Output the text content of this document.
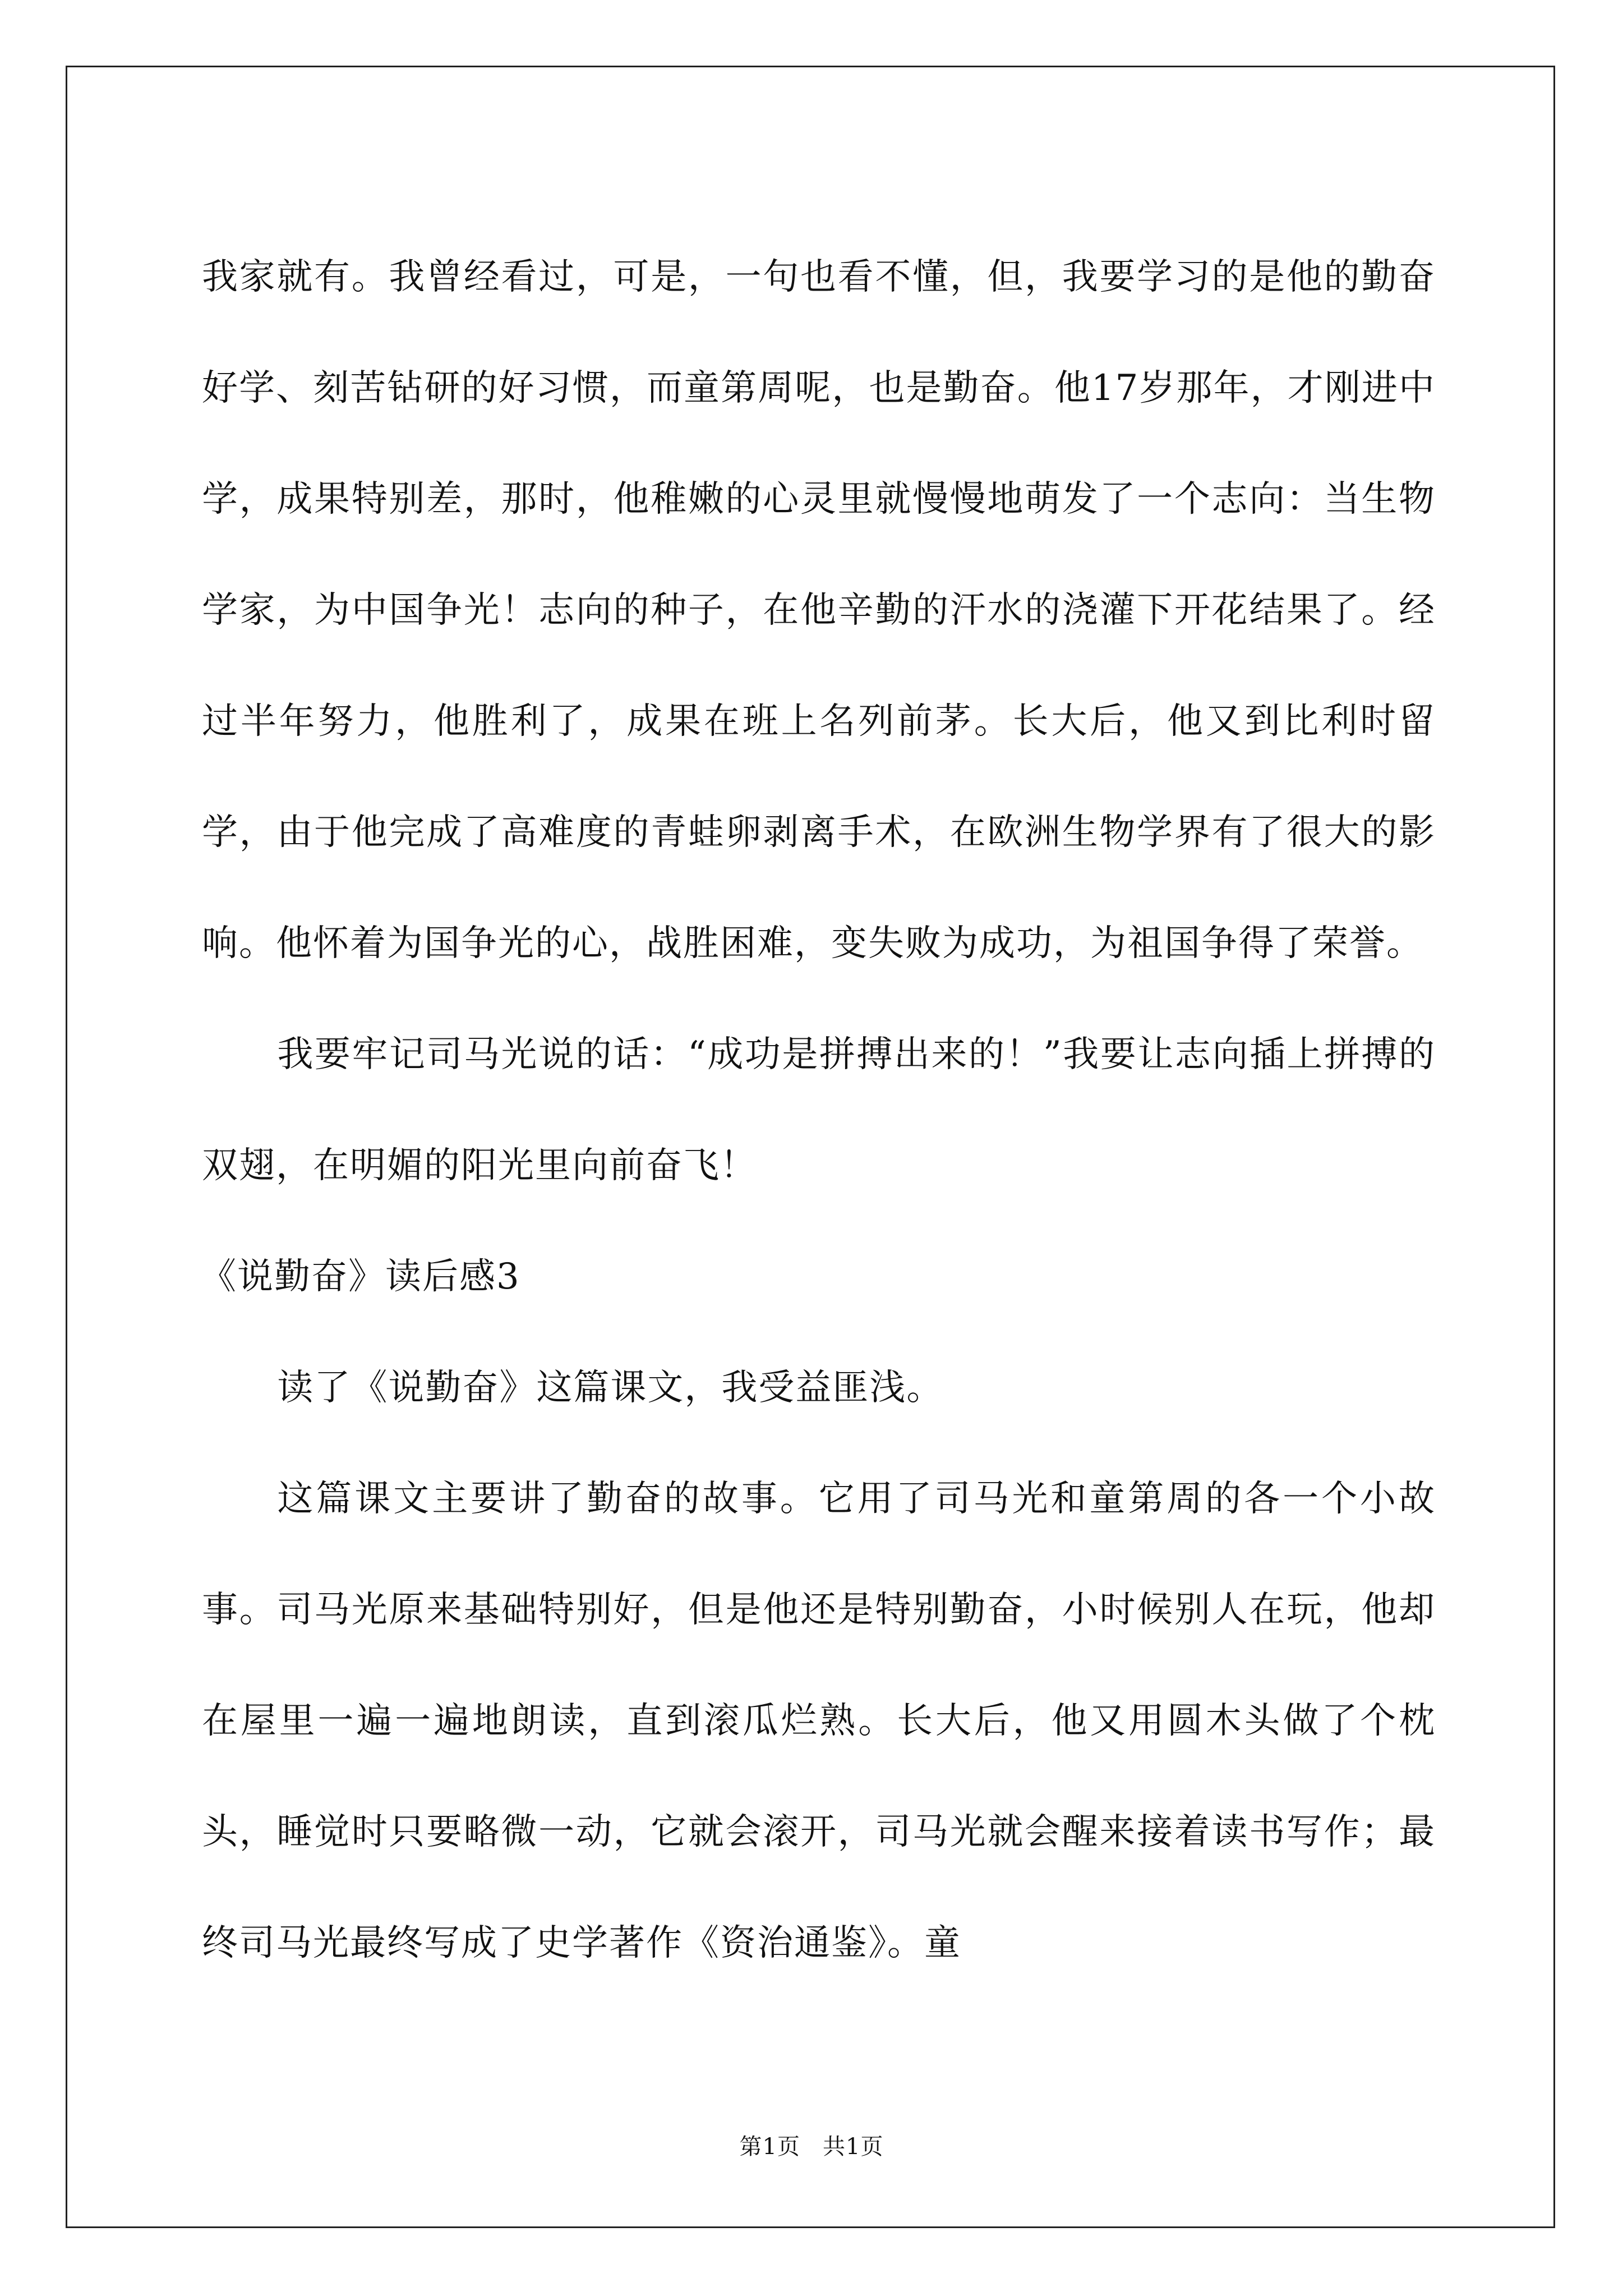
我家就有。我曾经看过，可是，一句也看不懂，但，我要学习的是他的勤奋好学、刻苦钻研的好习惯，而童第周呢，也是勤奋。他17岁那年，才刚进中学，成果特别差，那时，他稚嫩的心灵里就慢慢地萌发了一个志向：当生物学家，为中国争光！志向的种子，在他辛勤的汗水的浇灌下开花结果了。经过半年努力，他胜利了，成果在班上名列前茅。长大后，他又到比利时留学，由于他完成了高难度的青蛙卵剥离手术，在欧洲生物学界有了很大的影响。他怀着为国争光的心，战胜困难，变失败为成功，为祖国争得了荣誉。

我要牢记司马光说的话：“成功是拼搏出来的！”我要让志向插上拼搏的双翅，在明媚的阳光里向前奋飞！

《说勤奋》读后感3

读了《说勤奋》这篇课文，我受益匪浅。

这篇课文主要讲了勤奋的故事。它用了司马光和童第周的各一个小故事。司马光原来基础特别好，但是他还是特别勤奋，小时候别人在玩，他却在屋里一遍一遍地朗读，直到滚瓜烂熟。长大后，他又用圆木头做了个枕头，睡觉时只要略微一动，它就会滚开，司马光就会醒来接着读书写作；最终司马光最终写成了史学著作《资治通鉴》。童

第1页 共1页
